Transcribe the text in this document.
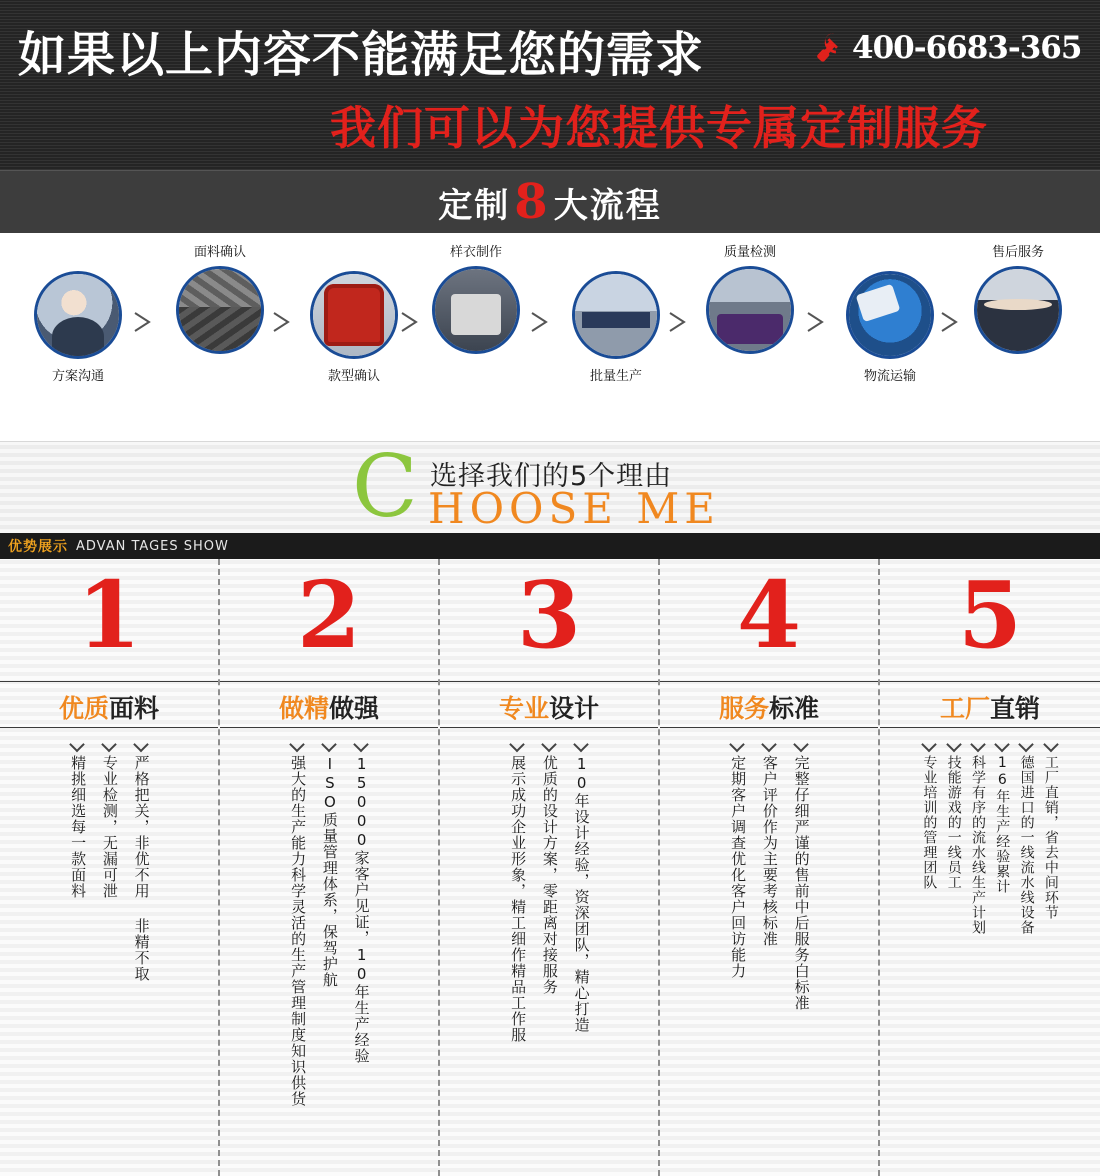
如果以上内容不能满足您的需求	400-6683-365
我们可以为您提供专属定制服务
定制 8 大流程
方案沟通
面料确认
款型确认
样衣制作
批量生产
质量检测
物流运输
售后服务
C 选择我们的5个理由
HOOSE ME
优势展示 ADVAN TAGES SHOW
1
优质面料
严格把关，非优不用 非精不取
专业检测，无漏可泄
精挑细选每一款面料
2
做精做强
15000家客户见证，10年生产经验
ISO质量管理体系，保驾护航
强大的生产能力科学灵活的生产管理制度知识供货
3
专业设计
10年设计经验，资深团队，精心打造
优质的设计方案，零距离对接服务
展示成功企业形象，精工细作精品工作服
4
服务标准
完整仔细严谨的售前中后服务白标准
客户评价作为主要考核标准
定期客户调查优化客户回访能力
5
工厂直销
工厂直销，省去中间环节
德国进口的一线流水线设备
16年生产经验累计
科学有序的流水线生产计划
技能游戏的一线员工
专业培训的管理团队
